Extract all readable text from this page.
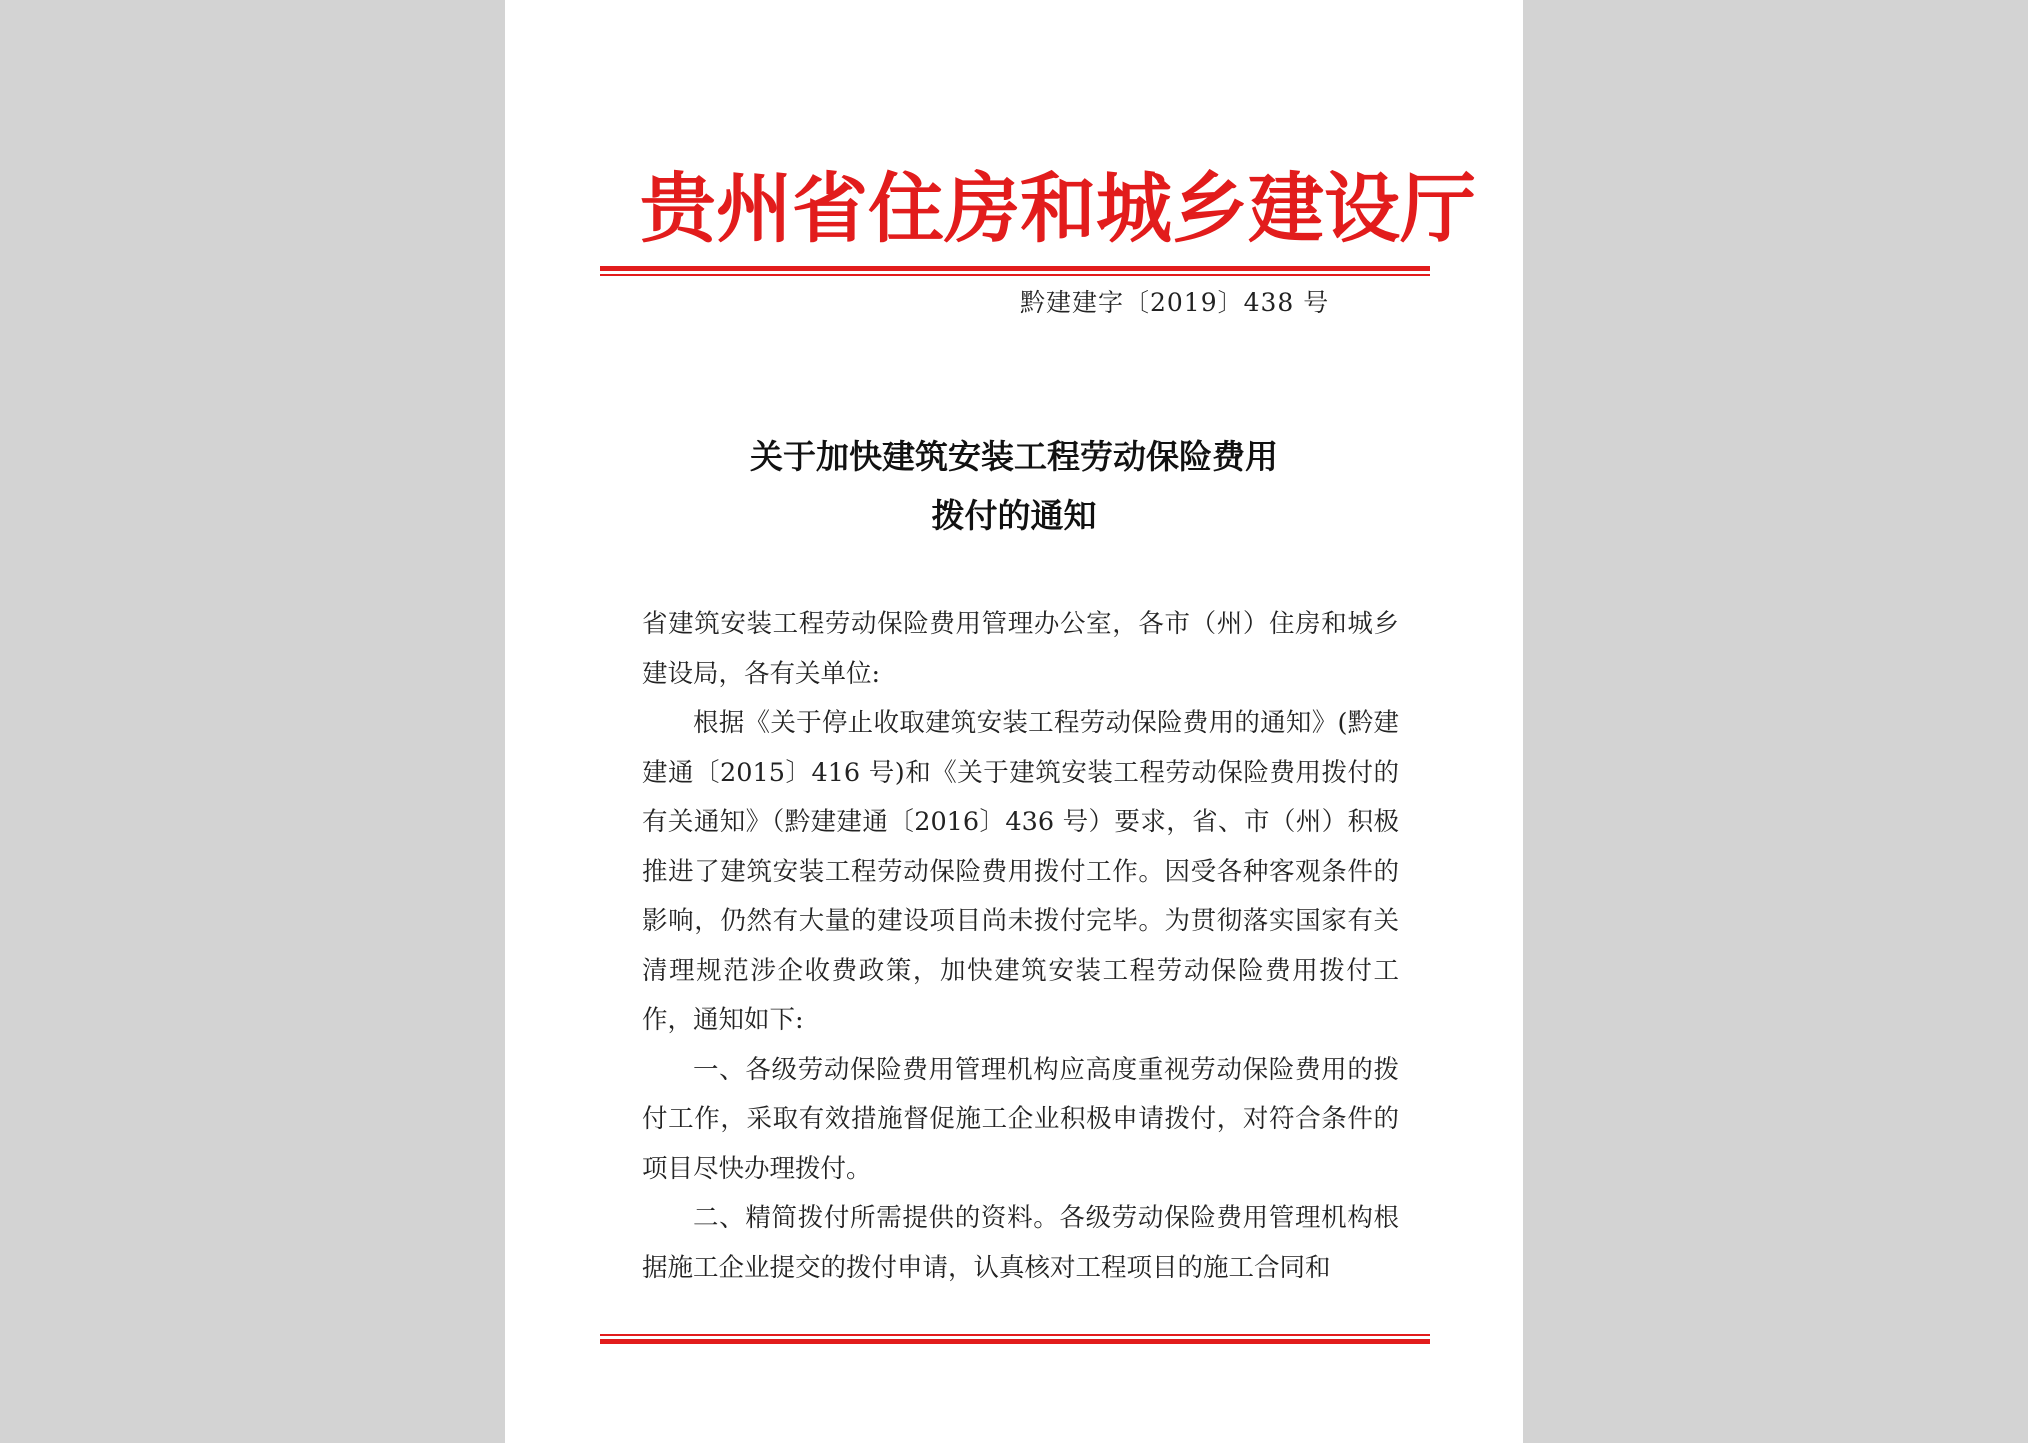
贵 州 省 住 房 和 城 乡 建 设 厅
黔建建字〔2019〕438 号
关于加快建筑安装工程劳动保险费用
拨付的通知

省建筑安装工程劳动保险费用管理办公室，各市（州）住房和城乡建设局，各有关单位:

根据《关于停止收取建筑安装工程劳动保险费用的通知》(黔建建通〔2015〕416 号)和《关于建筑安装工程劳动保险费用拨付的有关通知》（黔建建通〔2016〕436 号）要求，省、市（州）积极推进了建筑安装工程劳动保险费用拨付工作。因受各种客观条件的影响，仍然有大量的建设项目尚未拨付完毕。为贯彻落实国家有关清理规范涉企收费政策，加快建筑安装工程劳动保险费用拨付工作，通知如下:

一、各级劳动保险费用管理机构应高度重视劳动保险费用的拨付工作，采取有效措施督促施工企业积极申请拨付，对符合条件的项目尽快办理拨付。

二、精简拨付所需提供的资料。各级劳动保险费用管理机构根据施工企业提交的拨付申请，认真核对工程项目的施工合同和
